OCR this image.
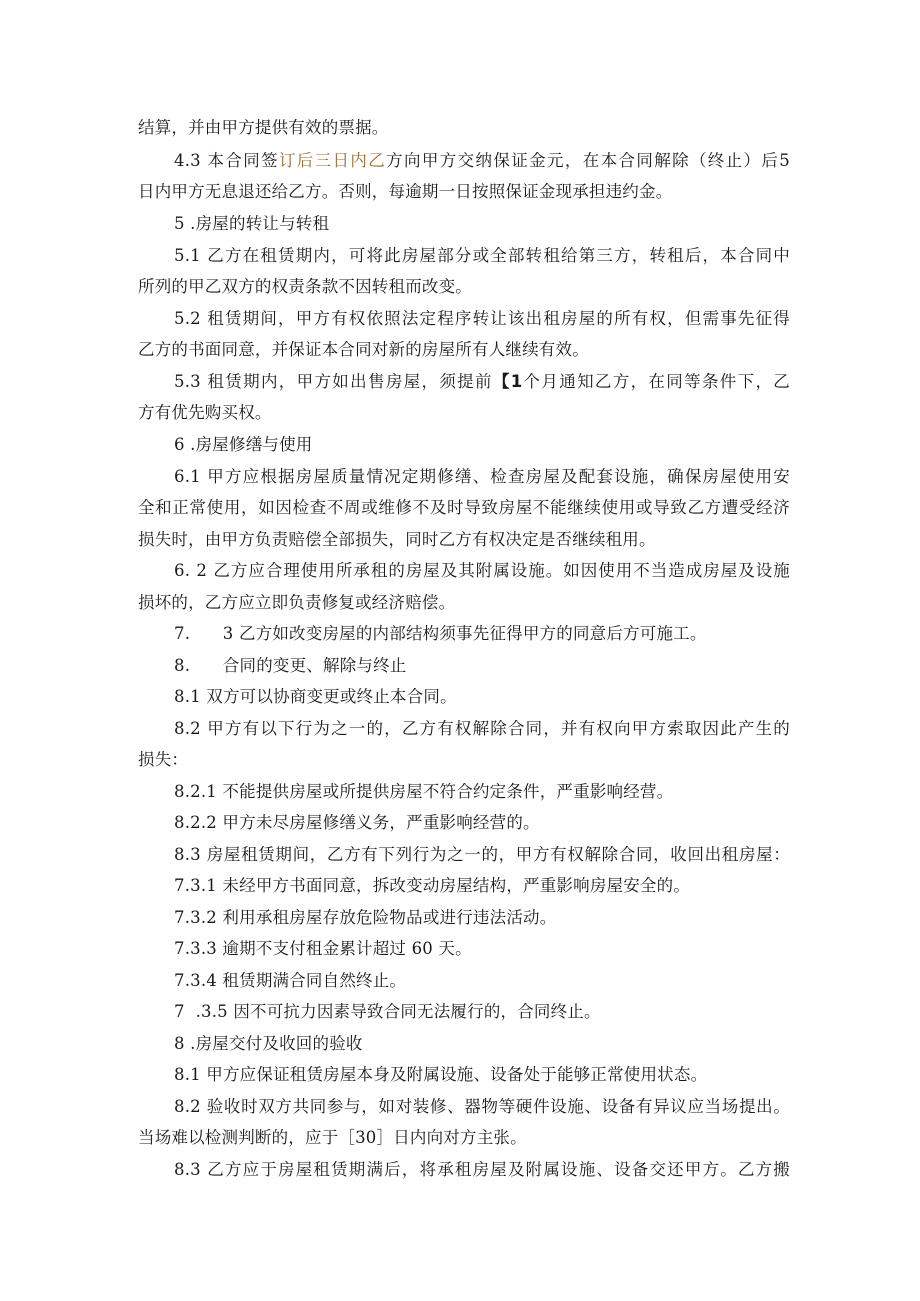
结算，并由甲方提供有效的票据。
4.3 本合同签订后三日内乙方向甲方交纳保证金元，在本合同解除（终止）后5
日内甲方无息退还给乙方。否则，每逾期一日按照保证金现承担违约金。
5 .房屋的转让与转租
5.1 乙方在租赁期内，可将此房屋部分或全部转租给第三方，转租后，本合同中
所列的甲乙双方的权责条款不因转租而改变。
5.2 租赁期间，甲方有权依照法定程序转让该出租房屋的所有权，但需事先征得
乙方的书面同意，并保证本合同对新的房屋所有人继续有效。
5.3 租赁期内，甲方如出售房屋，须提前【1个月通知乙方，在同等条件下，乙
方有优先购买权。
6 .房屋修缮与使用
6.1 甲方应根据房屋质量情况定期修缮、检查房屋及配套设施，确保房屋使用安
全和正常使用，如因检查不周或维修不及时导致房屋不能继续使用或导致乙方遭受经济
损失时，由甲方负责赔偿全部损失，同时乙方有权决定是否继续租用。
6. 2 乙方应合理使用所承租的房屋及其附属设施。如因使用不当造成房屋及设施
损坏的，乙方应立即负责修复或经济赔偿。
7.      3 乙方如改变房屋的内部结构须事先征得甲方的同意后方可施工。
8.      合同的变更、解除与终止
8.1 双方可以协商变更或终止本合同。
8.2 甲方有以下行为之一的，乙方有权解除合同，并有权向甲方索取因此产生的
损失：
8.2.1 不能提供房屋或所提供房屋不符合约定条件，严重影响经营。
8.2.2 甲方未尽房屋修缮义务，严重影响经营的。
8.3 房屋租赁期间，乙方有下列行为之一的，甲方有权解除合同，收回出租房屋：
7.3.1 未经甲方书面同意，拆改变动房屋结构，严重影响房屋安全的。
7.3.2 利用承租房屋存放危险物品或进行违法活动。
7.3.3 逾期不支付租金累计超过 60 天。
7.3.4 租赁期满合同自然终止。
7  .3.5 因不可抗力因素导致合同无法履行的，合同终止。
8 .房屋交付及收回的验收
8.1 甲方应保证租赁房屋本身及附属设施、设备处于能够正常使用状态。
8.2 验收时双方共同参与，如对装修、器物等硬件设施、设备有异议应当场提出。
当场难以检测判断的，应于［30］日内向对方主张。
8.3 乙方应于房屋租赁期满后，将承租房屋及附属设施、设备交还甲方。乙方搬
